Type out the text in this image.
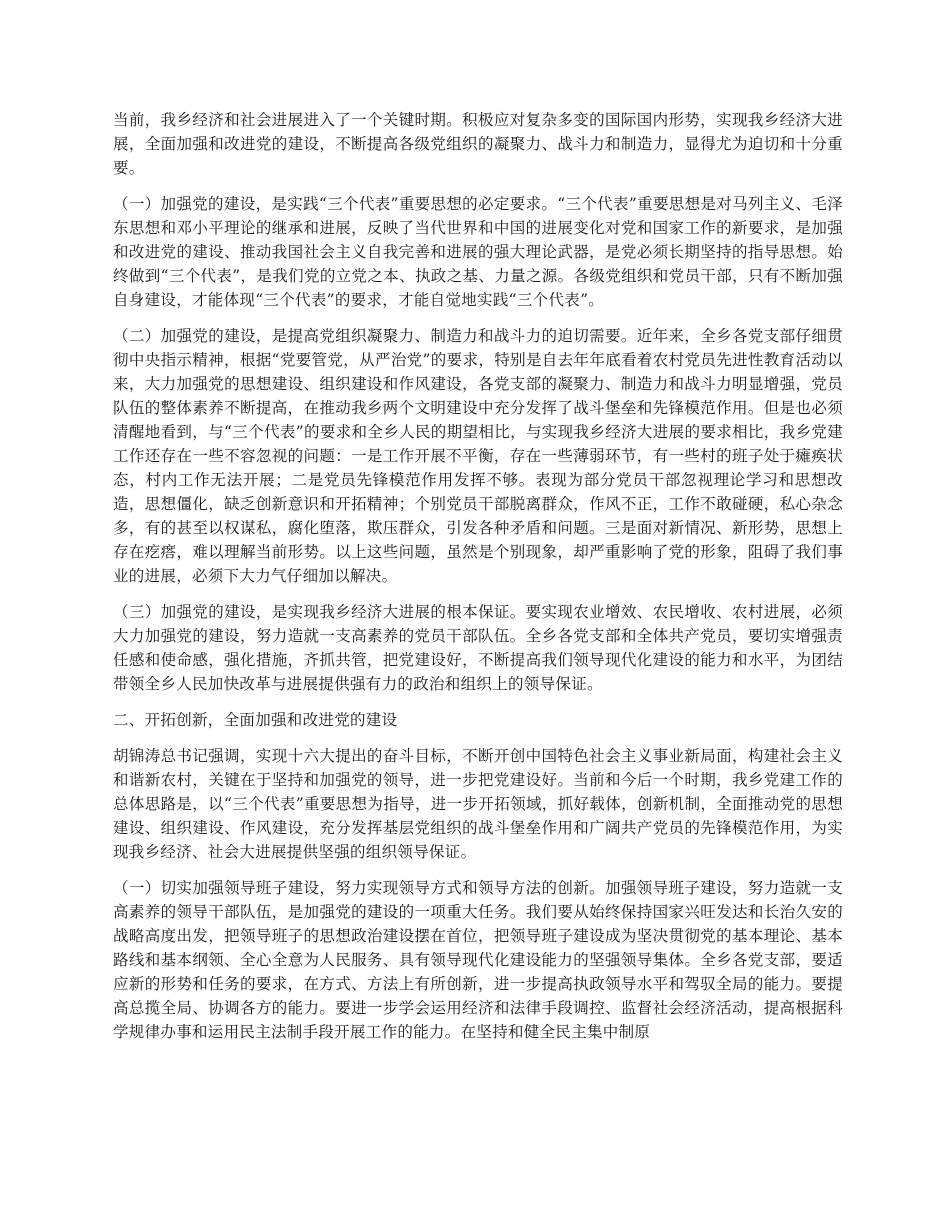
当前，我乡经济和社会进展进入了一个关键时期。积极应对复杂多变的国际国内形势，实现我乡经济大进展，全面加强和改进党的建设，不断提高各级党组织的凝聚力、战斗力和制造力，显得尤为迫切和十分重要。

（一）加强党的建设，是实践“三个代表”重要思想的必定要求。“三个代表”重要思想是对马列主义、毛泽东思想和邓小平理论的继承和进展，反映了当代世界和中国的进展变化对党和国家工作的新要求，是加强和改进党的建设、推动我国社会主义自我完善和进展的强大理论武器，是党必须长期坚持的指导思想。始终做到“三个代表”，是我们党的立党之本、执政之基、力量之源。各级党组织和党员干部，只有不断加强自身建设，才能体现“三个代表”的要求，才能自觉地实践“三个代表”。

（二）加强党的建设，是提高党组织凝聚力、制造力和战斗力的迫切需要。近年来，全乡各党支部仔细贯彻中央指示精神，根据“党要管党，从严治党”的要求，特别是自去年年底看着农村党员先进性教育活动以来，大力加强党的思想建设、组织建设和作风建设，各党支部的凝聚力、制造力和战斗力明显增强，党员队伍的整体素养不断提高，在推动我乡两个文明建设中充分发挥了战斗堡垒和先锋模范作用。但是也必须清醒地看到，与“三个代表”的要求和全乡人民的期望相比，与实现我乡经济大进展的要求相比，我乡党建工作还存在一些不容忽视的问题：一是工作开展不平衡，存在一些薄弱环节，有一些村的班子处于瘫痪状态，村内工作无法开展；二是党员先锋模范作用发挥不够。表现为部分党员干部忽视理论学习和思想改造，思想僵化，缺乏创新意识和开拓精神；个别党员干部脱离群众，作风不正，工作不敢碰硬，私心杂念多，有的甚至以权谋私，腐化堕落，欺压群众，引发各种矛盾和问题。三是面对新情况、新形势，思想上存在疙瘩，难以理解当前形势。以上这些问题，虽然是个别现象，却严重影响了党的形象，阻碍了我们事业的进展，必须下大力气仔细加以解决。

（三）加强党的建设，是实现我乡经济大进展的根本保证。要实现农业增效、农民增收、农村进展，必须大力加强党的建设，努力造就一支高素养的党员干部队伍。全乡各党支部和全体共产党员，要切实增强责任感和使命感，强化措施，齐抓共管，把党建设好，不断提高我们领导现代化建设的能力和水平，为团结带领全乡人民加快改革与进展提供强有力的政治和组织上的领导保证。

二、开拓创新，全面加强和改进党的建设

胡锦涛总书记强调，实现十六大提出的奋斗目标，不断开创中国特色社会主义事业新局面，构建社会主义和谐新农村，关键在于坚持和加强党的领导，进一步把党建设好。当前和今后一个时期，我乡党建工作的总体思路是，以“三个代表”重要思想为指导，进一步开拓领域，抓好载体，创新机制，全面推动党的思想建设、组织建设、作风建设，充分发挥基层党组织的战斗堡垒作用和广阔共产党员的先锋模范作用，为实现我乡经济、社会大进展提供坚强的组织领导保证。

（一）切实加强领导班子建设，努力实现领导方式和领导方法的创新。加强领导班子建设，努力造就一支高素养的领导干部队伍，是加强党的建设的一项重大任务。我们要从始终保持国家兴旺发达和长治久安的战略高度出发，把领导班子的思想政治建设摆在首位，把领导班子建设成为坚决贯彻党的基本理论、基本路线和基本纲领、全心全意为人民服务、具有领导现代化建设能力的坚强领导集体。全乡各党支部，要适应新的形势和任务的要求，在方式、方法上有所创新，进一步提高执政领导水平和驾驭全局的能力。要提高总揽全局、协调各方的能力。要进一步学会运用经济和法律手段调控、监督社会经济活动，提高根据科学规律办事和运用民主法制手段开展工作的能力。在坚持和健全民主集中制原
